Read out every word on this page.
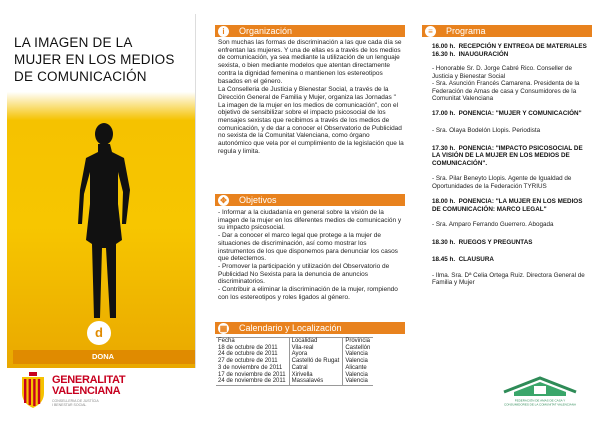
LA IMAGEN DE LA
MUJER EN LOS MEDIOS
DE COMUNICACIÓN
d
DONA
GENERALITAT
VALENCIANA
CONSELLERIA DE JUSTÍCIA
I BENESTAR SOCIAL
Organización
i
Son muchas las formas de discriminación a las que cada día se enfrentan las mujeres. Y una de ellas es a través de los medios de comunicación, ya sea mediante la utilización de un lenguaje sexista, o bien mediante modelos que atentan directamente contra la dignidad femenina o mantienen los estereotipos basados en el género.
La Conselleria de Justicia y Bienestar Social, a través de la Dirección General de Familia y Mujer, organiza las Jornadas " La imagen de la mujer en los medios de comunicación", con el objetivo de sensibilizar sobre el impacto psicosocial de los mensajes sexistas que recibimos a través de los medios de comunicación, y de dar a conocer el Observatorio de Publicidad no sexista de la Comunitat Valenciana, como órgano autonómico que vela por el cumplimiento de la legislación que la regula y limita.
Objetivos
✥
- Informar a la ciudadanía en general sobre la visión de la imagen de la mujer en los diferentes medios de comunicación y su impacto psicosocial.
- Dar a conocer el marco legal que protege a la mujer de situaciones de discriminación, así como mostrar los instrumentos de los que disponemos para denunciar los casos que detectemos.
- Promover la participación y utilización del Observatorio de Publicidad No Sexista para la denuncia de anuncios discriminatorios.
- Contribuir a eliminar la discriminación de la mujer, rompiendo con los estereotipos y roles ligados al género.
Calendario y Localización
▦
Fecha	Localidad	Provincia
18 de octubre de 2011	Vila-real	Castellón
24 de octubre de 2011	Ayora	Valencia
27 de octubre de 2011	Castelló de Rugat	Valencia
3 de noviembre de 2011	Catral	Alicante
17 de noviembre de 2011	Xirivella	Valencia
24 de noviembre de 2011	Massalavés	Valencia
Programa
≡

16.00 h. RECEPCIÓN Y ENTREGA DE MATERIALES

16.30 h. INAUGURACIÓN

- Honorable Sr. D. Jorge Cabré Rico. Conseller de Justicia y Bienestar Social

- Sra. Asunción Francés Camarena. Presidenta de la Federación de Amas de casa y Consumidores de la Comunitat Valenciana

17.00 h. PONENCIA: "MUJER Y COMUNICACIÓN"

- Sra. Olaya Bodelón Llopis. Periodista

17.30 h. PONENCIA: "IMPACTO PSICOSOCIAL DE LA VISIÓN DE LA MUJER EN LOS MEDIOS DE COMUNICACIÓN".

- Sra. Pilar Beneyto Llopis. Agente de Igualdad de Oportunidades de la Federación TYRIUS

18.00 h. PONENCIA: "LA MUJER EN LOS MEDIOS DE COMUNICACIÓN: MARCO LEGAL"

- Sra. Amparo Ferrando Guerrero. Abogada

18.30 h. RUEGOS Y PREGUNTAS

18.45 h. CLAUSURA

- Ilma. Sra. Dª Celia Ortega Ruiz. Directora General de Familia y Mujer

FEDERACIÓN DE AMAS DE CASA Y
CONSUMIDORES DE LA COMUNITAT VALENCIANA
